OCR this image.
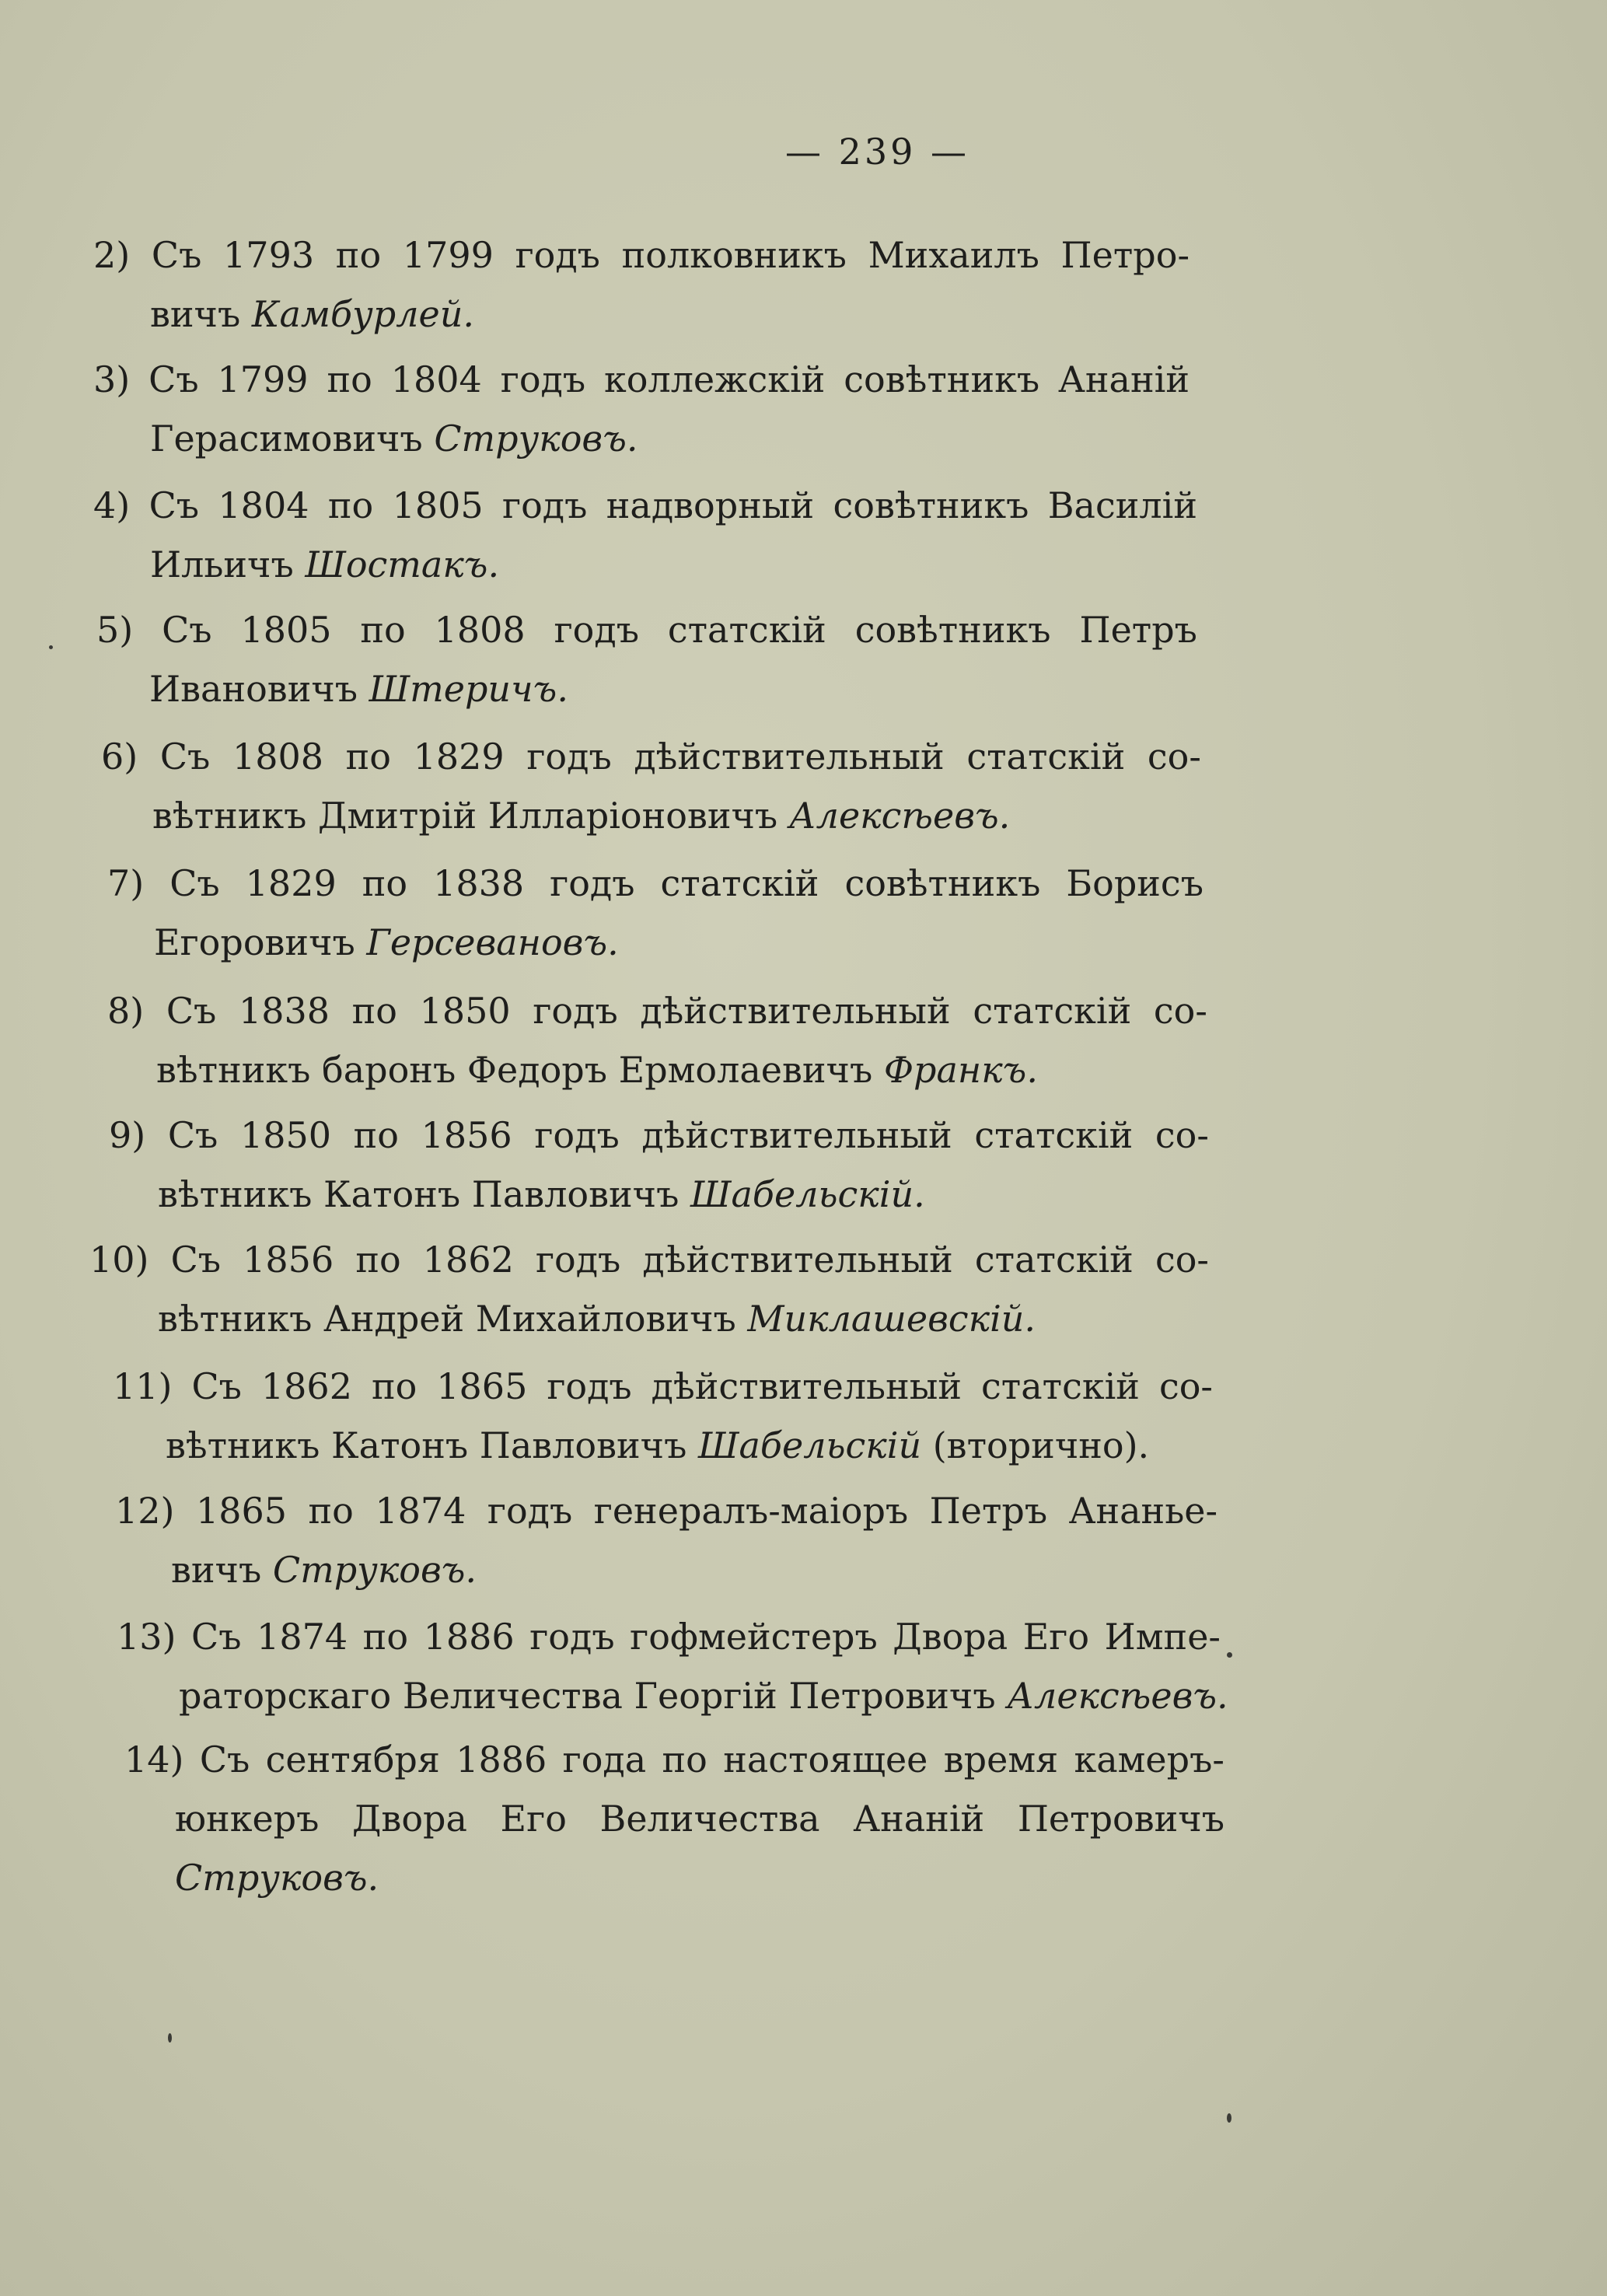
— 239 —
2) Съ 1793 по 1799 годъ полковникъ Михаилъ Петро-
вичъ Камбурлей.
3) Съ 1799 по 1804 годъ коллежскій совѣтникъ Ананій
Герасимовичъ Струковъ.
4) Съ 1804 по 1805 годъ надворный совѣтникъ Василій
Ильичъ Шостакъ.
5) Съ 1805 по 1808 годъ статскій совѣтникъ Петръ
Ивановичъ Штеричъ.
6) Съ 1808 по 1829 годъ дѣйствительный статскій со-
вѣтникъ Дмитрій Илларіоновичъ Алексѣевъ.
7) Съ 1829 по 1838 годъ статскій совѣтникъ Борисъ
Егоровичъ Герсевановъ.
8) Съ 1838 по 1850 годъ дѣйствительный статскій со-
вѣтникъ баронъ Федоръ Ермолаевичъ Франкъ.
9) Съ 1850 по 1856 годъ дѣйствительный статскій со-
вѣтникъ Катонъ Павловичъ Шабельскій.
10) Съ 1856 по 1862 годъ дѣйствительный статскій со-
вѣтникъ Андрей Михайловичъ Миклашевскій.
11) Съ 1862 по 1865 годъ дѣйствительный статскій со-
вѣтникъ Катонъ Павловичъ Шабельскій (вторично).
12) 1865 по 1874 годъ генералъ-маіоръ Петръ Ананье-
вичъ Струковъ.
13) Съ 1874 по 1886 годъ гофмейстеръ Двора Его Импе-
раторскаго Величества Георгій Петровичъ Алексѣевъ.
14) Съ сентября 1886 года по настоящее время камеръ-
юнкеръ Двора Его Величества Ананій Петровичъ
Струковъ.
